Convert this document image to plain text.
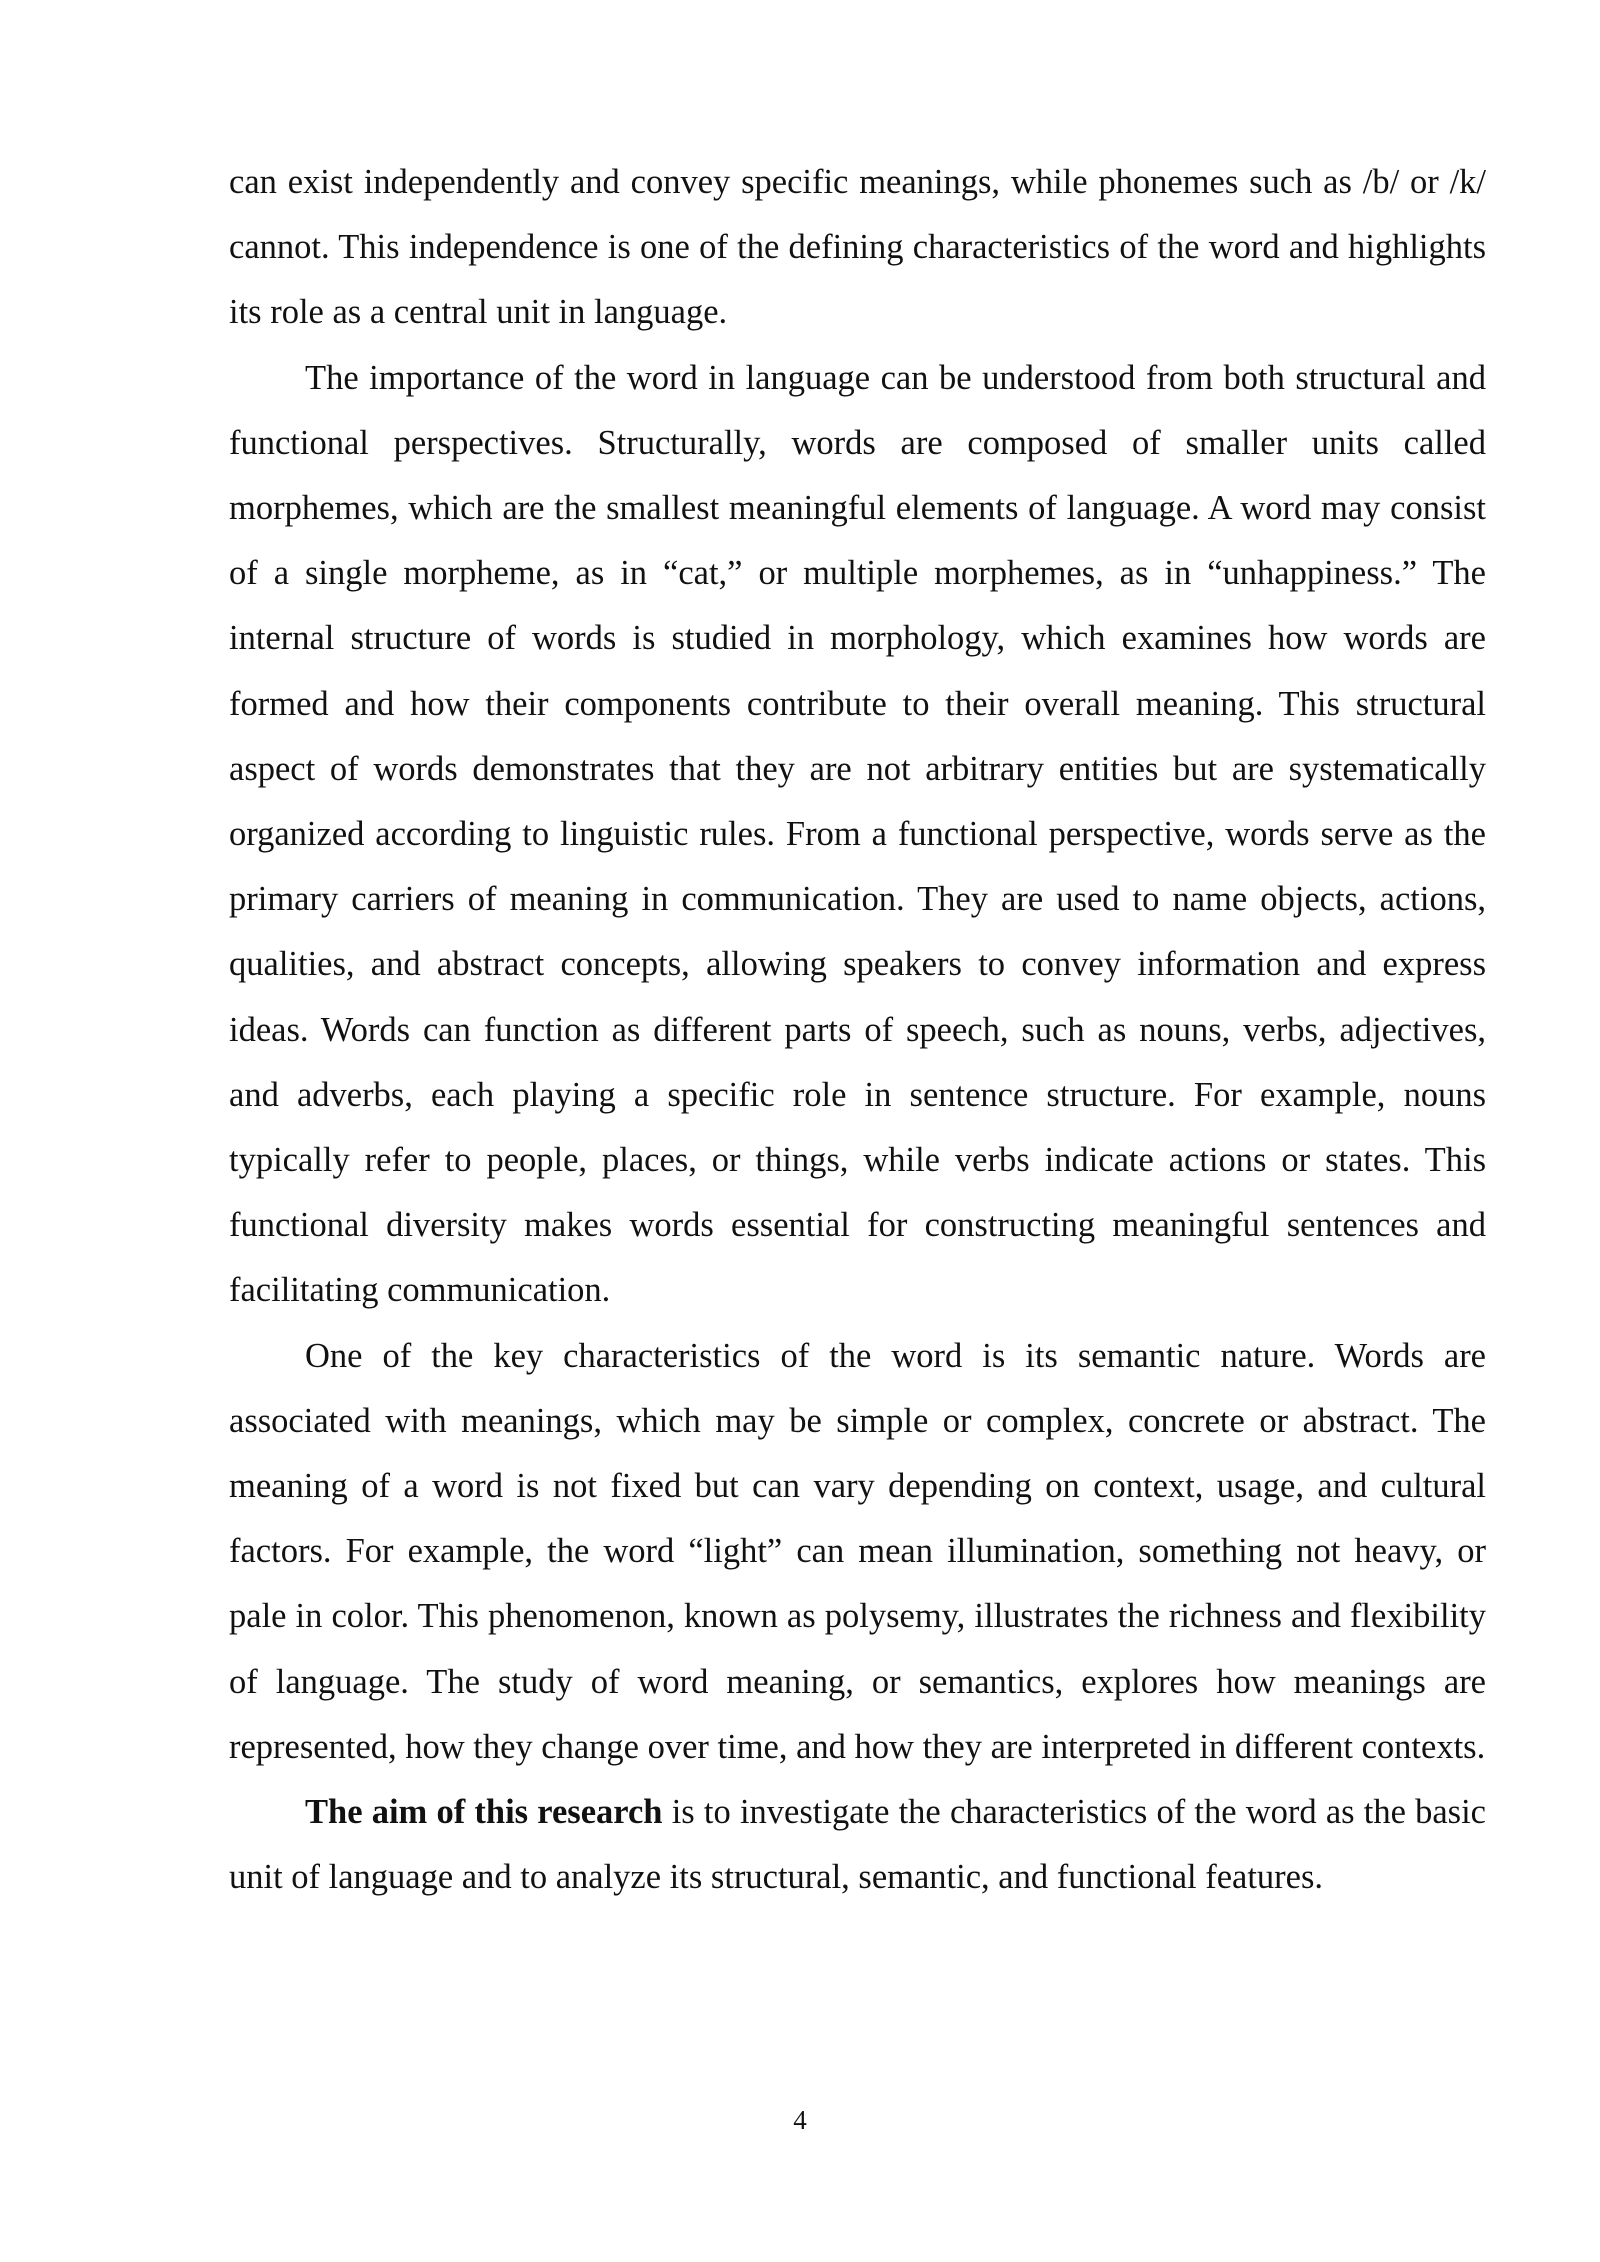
can exist independently and convey specific meanings, while phonemes such as /b/ or /k/ cannot. This independence is one of the defining characteristics of the word and highlights its role as a central unit in language.

The importance of the word in language can be understood from both structural and functional perspectives. Structurally, words are composed of smaller units called morphemes, which are the smallest meaningful elements of language. A word may consist of a single morpheme, as in “cat,” or multiple morphemes, as in “unhappiness.” The internal structure of words is studied in morphology, which examines how words are formed and how their components contribute to their overall meaning. This structural aspect of words demonstrates that they are not arbitrary entities but are systematically organized according to linguistic rules. From a functional perspective, words serve as the primary carriers of meaning in communication. They are used to name objects, actions, qualities, and abstract concepts, allowing speakers to convey information and express ideas. Words can function as different parts of speech, such as nouns, verbs, adjectives, and adverbs, each playing a specific role in sentence structure. For example, nouns typically refer to people, places, or things, while verbs indicate actions or states. This functional diversity makes words essential for constructing meaningful sentences and facilitating communication.

One of the key characteristics of the word is its semantic nature. Words are associated with meanings, which may be simple or complex, concrete or abstract. The meaning of a word is not fixed but can vary depending on context, usage, and cultural factors. For example, the word “light” can mean illumination, something not heavy, or pale in color. This phenomenon, known as polysemy, illustrates the richness and flexibility of language. The study of word meaning, or semantics, explores how meanings are represented, how they change over time, and how they are interpreted in different contexts.

The aim of this research is to investigate the characteristics of the word as the basic unit of language and to analyze its structural, semantic, and functional features.

4
